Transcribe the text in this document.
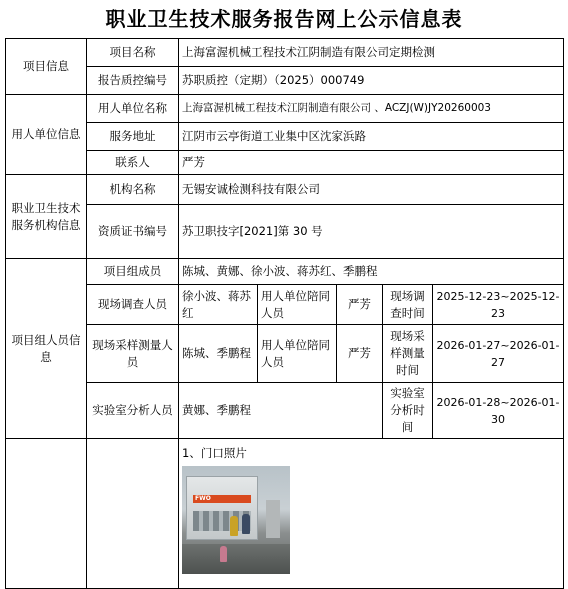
职业卫生技术服务报告网上公示信息表
项目信息	项目名称	上海富渥机械工程技术江阴制造有限公司定期检测				
	报告质控编号	苏职质控（定期）（2025）000749				
用人单位信息	用人单位名称	上海富渥机械工程技术江阴制造有限公司 、ACZJ(W)JY20260003				
	服务地址	江阴市云亭街道工业集中区沈家浜路				
	联系人	严芳				
职业卫生技术服务机构信息	机构名称	无锡安诚检测科技有限公司				
	资质证书编号	苏卫职技字[2021]第 30 号				
项目组人员信息	项目组成员	陈城、黄娜、徐小波、蒋苏红、季鹏程				
	现场调查人员	徐小波、蒋苏红	用人单位陪同人员	严芳	现场调查时间	2025-12-23~2025-12-23
	现场采样测量人员	陈城、季鹏程	用人单位陪同人员	严芳	现场采样测量时间	2026-01-27~2026-01-27
	实验室分析人员	黄娜、季鹏程			实验室分析时间	2026-01-28~2026-01-30

		1、门口照片
FWO				
